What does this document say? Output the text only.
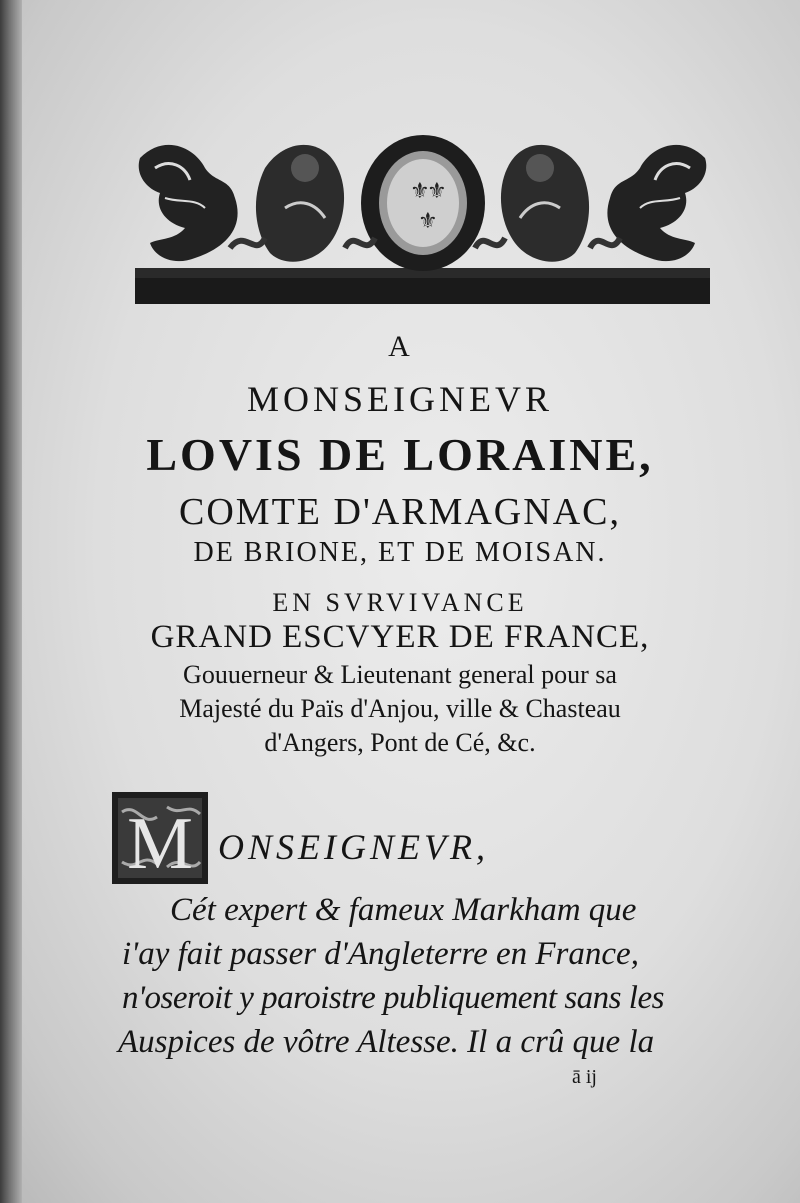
⚜
⚜
⚜
A
MONSEIGNEVR
LOVIS DE LORAINE,
COMTE D'ARMAGNAC,
DE BRIONE, ET DE MOISAN.
EN SVRVIVANCE
GRAND ESCVYER DE FRANCE,
Gouuerneur & Lieutenant general pour sa
Majesté du Païs d'Anjou, ville & Chasteau
d'Angers, Pont de Cé, &c.
M ONSEIGNEVR,
Cét expert & fameux Markham que
i'ay fait passer d'Angleterre en France,
n'oseroit y paroistre publiquement sans les
Auspices de vôtre Altesse. Il a crû que la
ā ij
